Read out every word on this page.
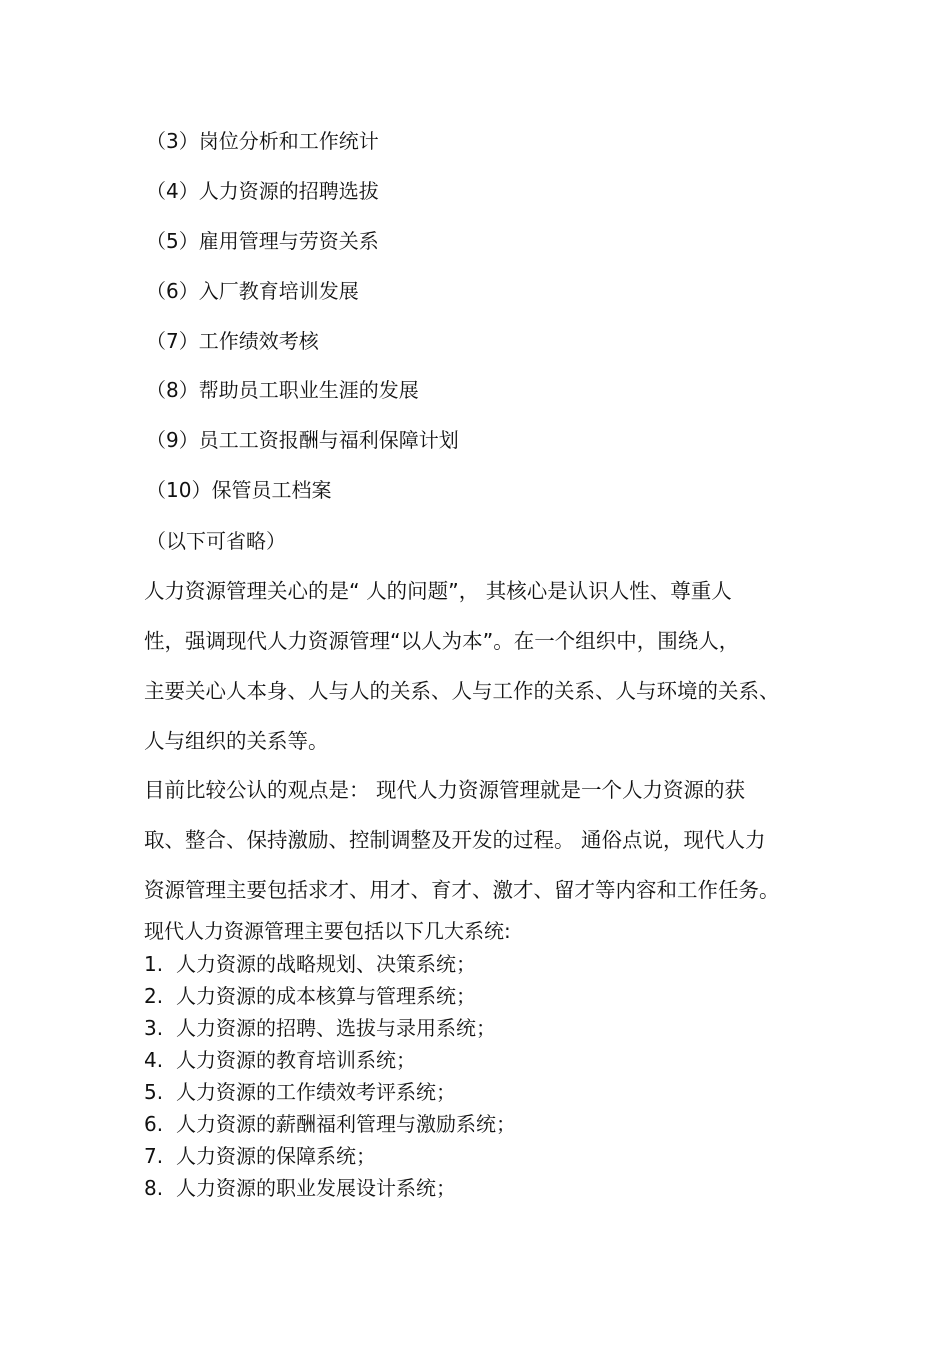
（3）岗位分析和工作统计
（4）人力资源的招聘选拔
（5）雇用管理与劳资关系
（6）入厂教育培训发展
（7）工作绩效考核
（8）帮助员工职业生涯的发展
（9）员工工资报酬与福利保障计划
（10）保管员工档案
（以下可省略）
人力资源管理关心的是“ 人的问题”， 其核心是认识人性、尊重人
性，强调现代人力资源管理“以人为本”。在一个组织中，围绕人，
主要关心人本身、人与人的关系、人与工作的关系、人与环境的关系、
人与组织的关系等。
目前比较公认的观点是： 现代人力资源管理就是一个人力资源的获
取、整合、保持激励、控制调整及开发的过程。 通俗点说，现代人力
资源管理主要包括求才、用才、育才、激才、留才等内容和工作任务。
现代人力资源管理主要包括以下几大系统:
1. 人力资源的战略规划、决策系统；
2. 人力资源的成本核算与管理系统；
3. 人力资源的招聘、选拔与录用系统；
4. 人力资源的教育培训系统；
5. 人力资源的工作绩效考评系统；
6. 人力资源的薪酬福利管理与激励系统；
7. 人力资源的保障系统；
8. 人力资源的职业发展设计系统；
